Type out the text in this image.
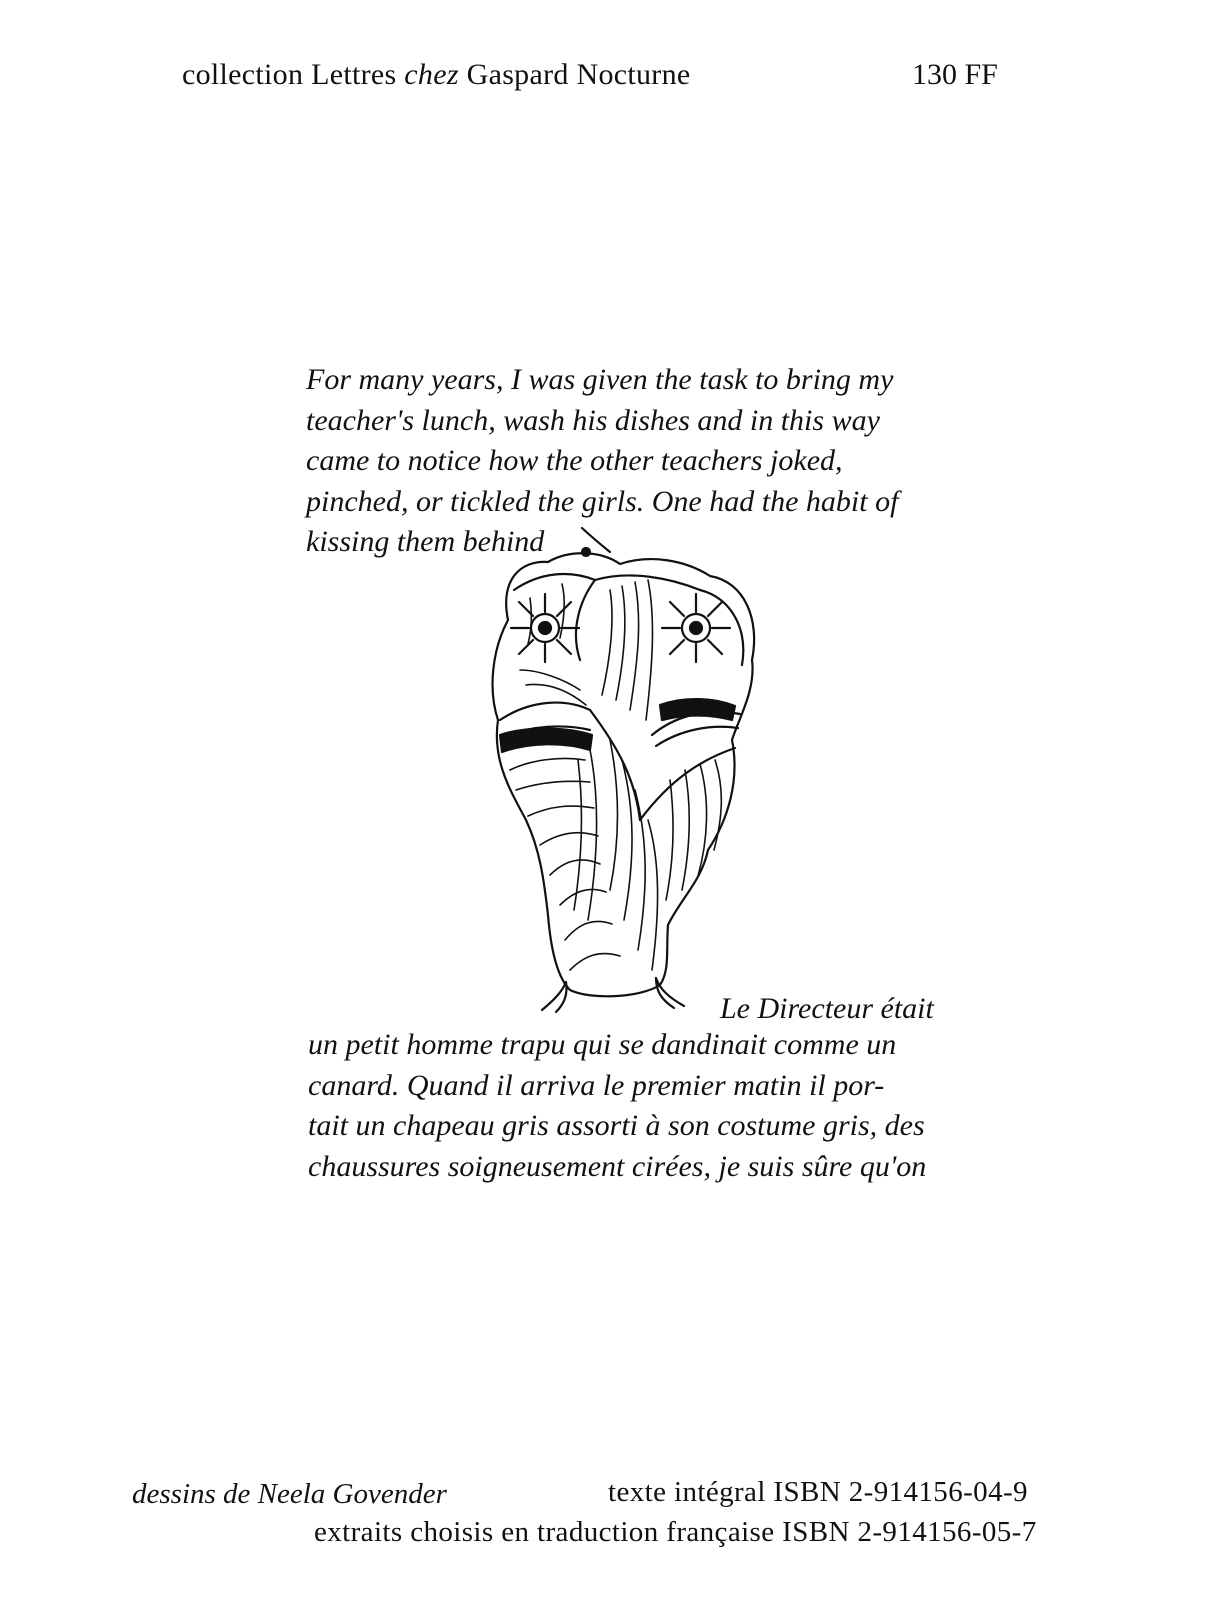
collection Lettres chez Gaspard Nocturne	130 FF
For many years, I was given the task to bring my
teacher's lunch, wash his dishes and in this way
came to notice how the other teachers joked,
pinched, or tickled the girls. One had the habit of
kissing them behind
Le Directeur était
un petit homme trapu qui se dandinait comme un
canard. Quand il arriva le premier matin il por-
tait un chapeau gris assorti à son costume gris, des
chaussures soigneusement cirées, je suis sûre qu'on
dessins de Neela Govender	texte intégral ISBN 2-914156-04-9
extraits choisis en traduction française ISBN 2-914156-05-7
